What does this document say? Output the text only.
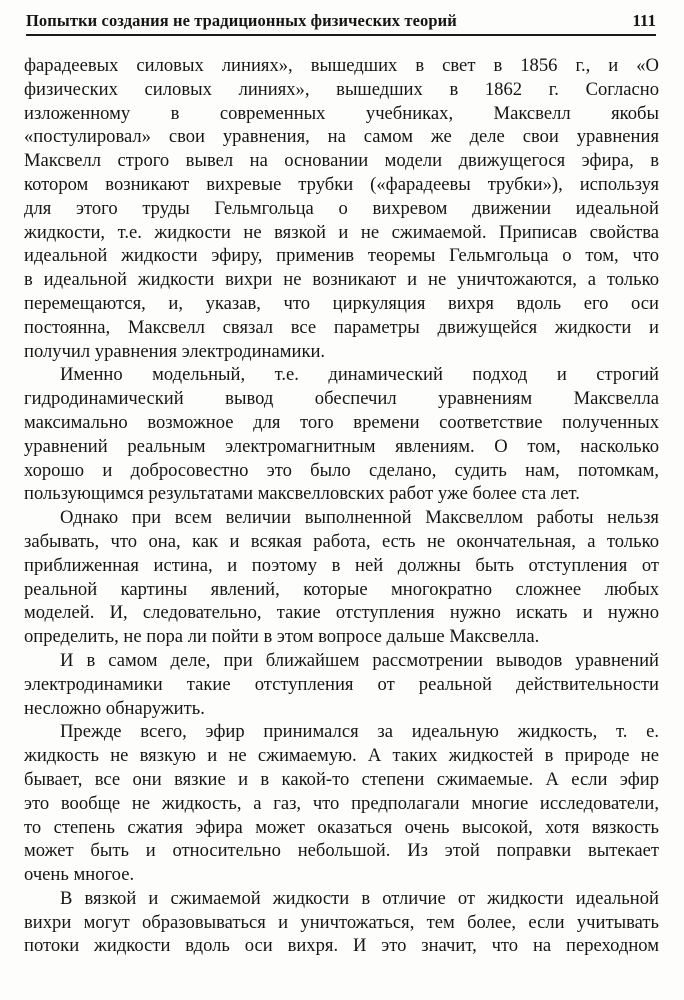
Попытки создания не традиционных физических теорий	111

фарадеевых силовых линиях», вышедших в свет в 1856 г., и «О

физических силовых линиях», вышедших в 1862 г. Согласно

изложенному в современных учебниках, Максвелл якобы

«постулировал» свои уравнения, на самом же деле свои уравнения

Максвелл строго вывел на основании модели движущегося эфира, в

котором возникают вихревые трубки («фарадеевы трубки»), используя

для этого труды Гельмгольца о вихревом движении идеальной

жидкости, т.е. жидкости не вязкой и не сжимаемой. Приписав свойства

идеальной жидкости эфиру, применив теоремы Гельмгольца о том, что

в идеальной жидкости вихри не возникают и не уничтожаются, а только

перемещаются, и, указав, что циркуляция вихря вдоль его оси

постоянна, Максвелл связал все параметры движущейся жидкости и

получил уравнения электродинамики.

Именно модельный, т.е. динамический подход и строгий

гидродинамический вывод обеспечил уравнениям Максвелла

максимально возможное для того времени соответствие полученных

уравнений реальным электромагнитным явлениям. О том, насколько

хорошо и добросовестно это было сделано, судить нам, потомкам,

пользующимся результатами максвелловских работ уже более ста лет.

Однако при всем величии выполненной Максвеллом работы нельзя

забывать, что она, как и всякая работа, есть не окончательная, а только

приближенная истина, и поэтому в ней должны быть отступления от

реальной картины явлений, которые многократно сложнее любых

моделей. И, следовательно, такие отступления нужно искать и нужно

определить, не пора ли пойти в этом вопросе дальше Максвелла.

И в самом деле, при ближайшем рассмотрении выводов уравнений

электродинамики такие отступления от реальной действительности

несложно обнаружить.

Прежде всего, эфир принимался за идеальную жидкость, т. е.

жидкость не вязкую и не сжимаемую. А таких жидкостей в природе не

бывает, все они вязкие и в какой-то степени сжимаемые. А если эфир

это вообще не жидкость, а газ, что предполагали многие исследователи,

то степень сжатия эфира может оказаться очень высокой, хотя вязкость

может быть и относительно небольшой. Из этой поправки вытекает

очень многое.

В вязкой и сжимаемой жидкости в отличие от жидкости идеальной

вихри могут образовываться и уничтожаться, тем более, если учитывать

потоки жидкости вдоль оси вихря. И это значит, что на переходном
